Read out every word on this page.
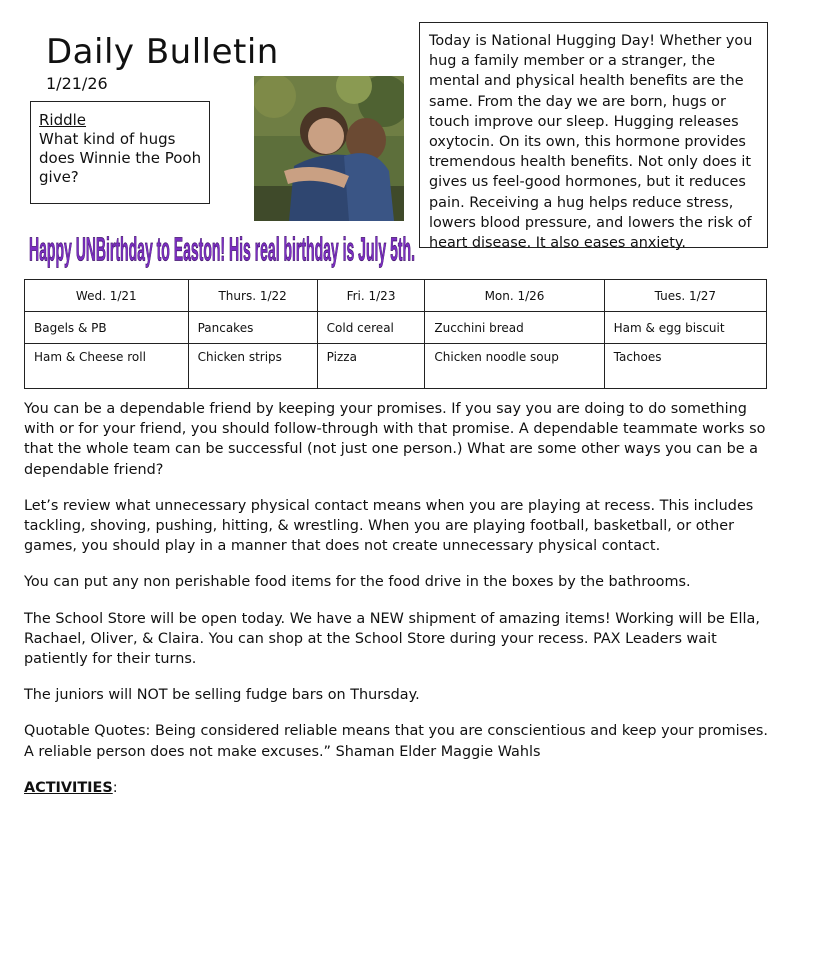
Daily Bulletin
1/21/26
Riddle
What kind of hugs does Winnie the Pooh give?
Today is National Hugging Day! Whether you hug a family member or a stranger, the mental and physical health benefits are the same. From the day we are born, hugs or touch improve our sleep. Hugging releases oxytocin. On its own, this hormone provides tremendous health benefits. Not only does it gives us feel-good hormones, but it reduces pain. Receiving a hug helps reduce stress, lowers blood pressure, and lowers the risk of heart disease. It also eases anxiety.
Happy UNBirthday to Easton! His real birthday is July 5th.
Wed. 1/21	Thurs. 1/22	Fri. 1/23	Mon. 1/26	Tues. 1/27
Bagels & PB	Pancakes	Cold cereal	Zucchini bread	Ham & egg biscuit
Ham & Cheese roll	Chicken strips	Pizza	Chicken noodle soup	Tachoes

You can be a dependable friend by keeping your promises. If you say you are doing to do something with or for your friend, you should follow-through with that promise. A dependable teammate works so that the whole team can be successful (not just one person.) What are some other ways you can be a dependable friend?

Let’s review what unnecessary physical contact means when you are playing at recess. This includes tackling, shoving, pushing, hitting, & wrestling. When you are playing football, basketball, or other games, you should play in a manner that does not create unnecessary physical contact.

You can put any non perishable food items for the food drive in the boxes by the bathrooms.

The School Store will be open today. We have a NEW shipment of amazing items! Working will be Ella, Rachael, Oliver, & Claira. You can shop at the School Store during your recess. PAX Leaders wait patiently for their turns.

The juniors will NOT be selling fudge bars on Thursday.

Quotable Quotes: Being considered reliable means that you are conscientious and keep your promises. A reliable person does not make excuses.” Shaman Elder Maggie Wahls

ACTIVITIES:
